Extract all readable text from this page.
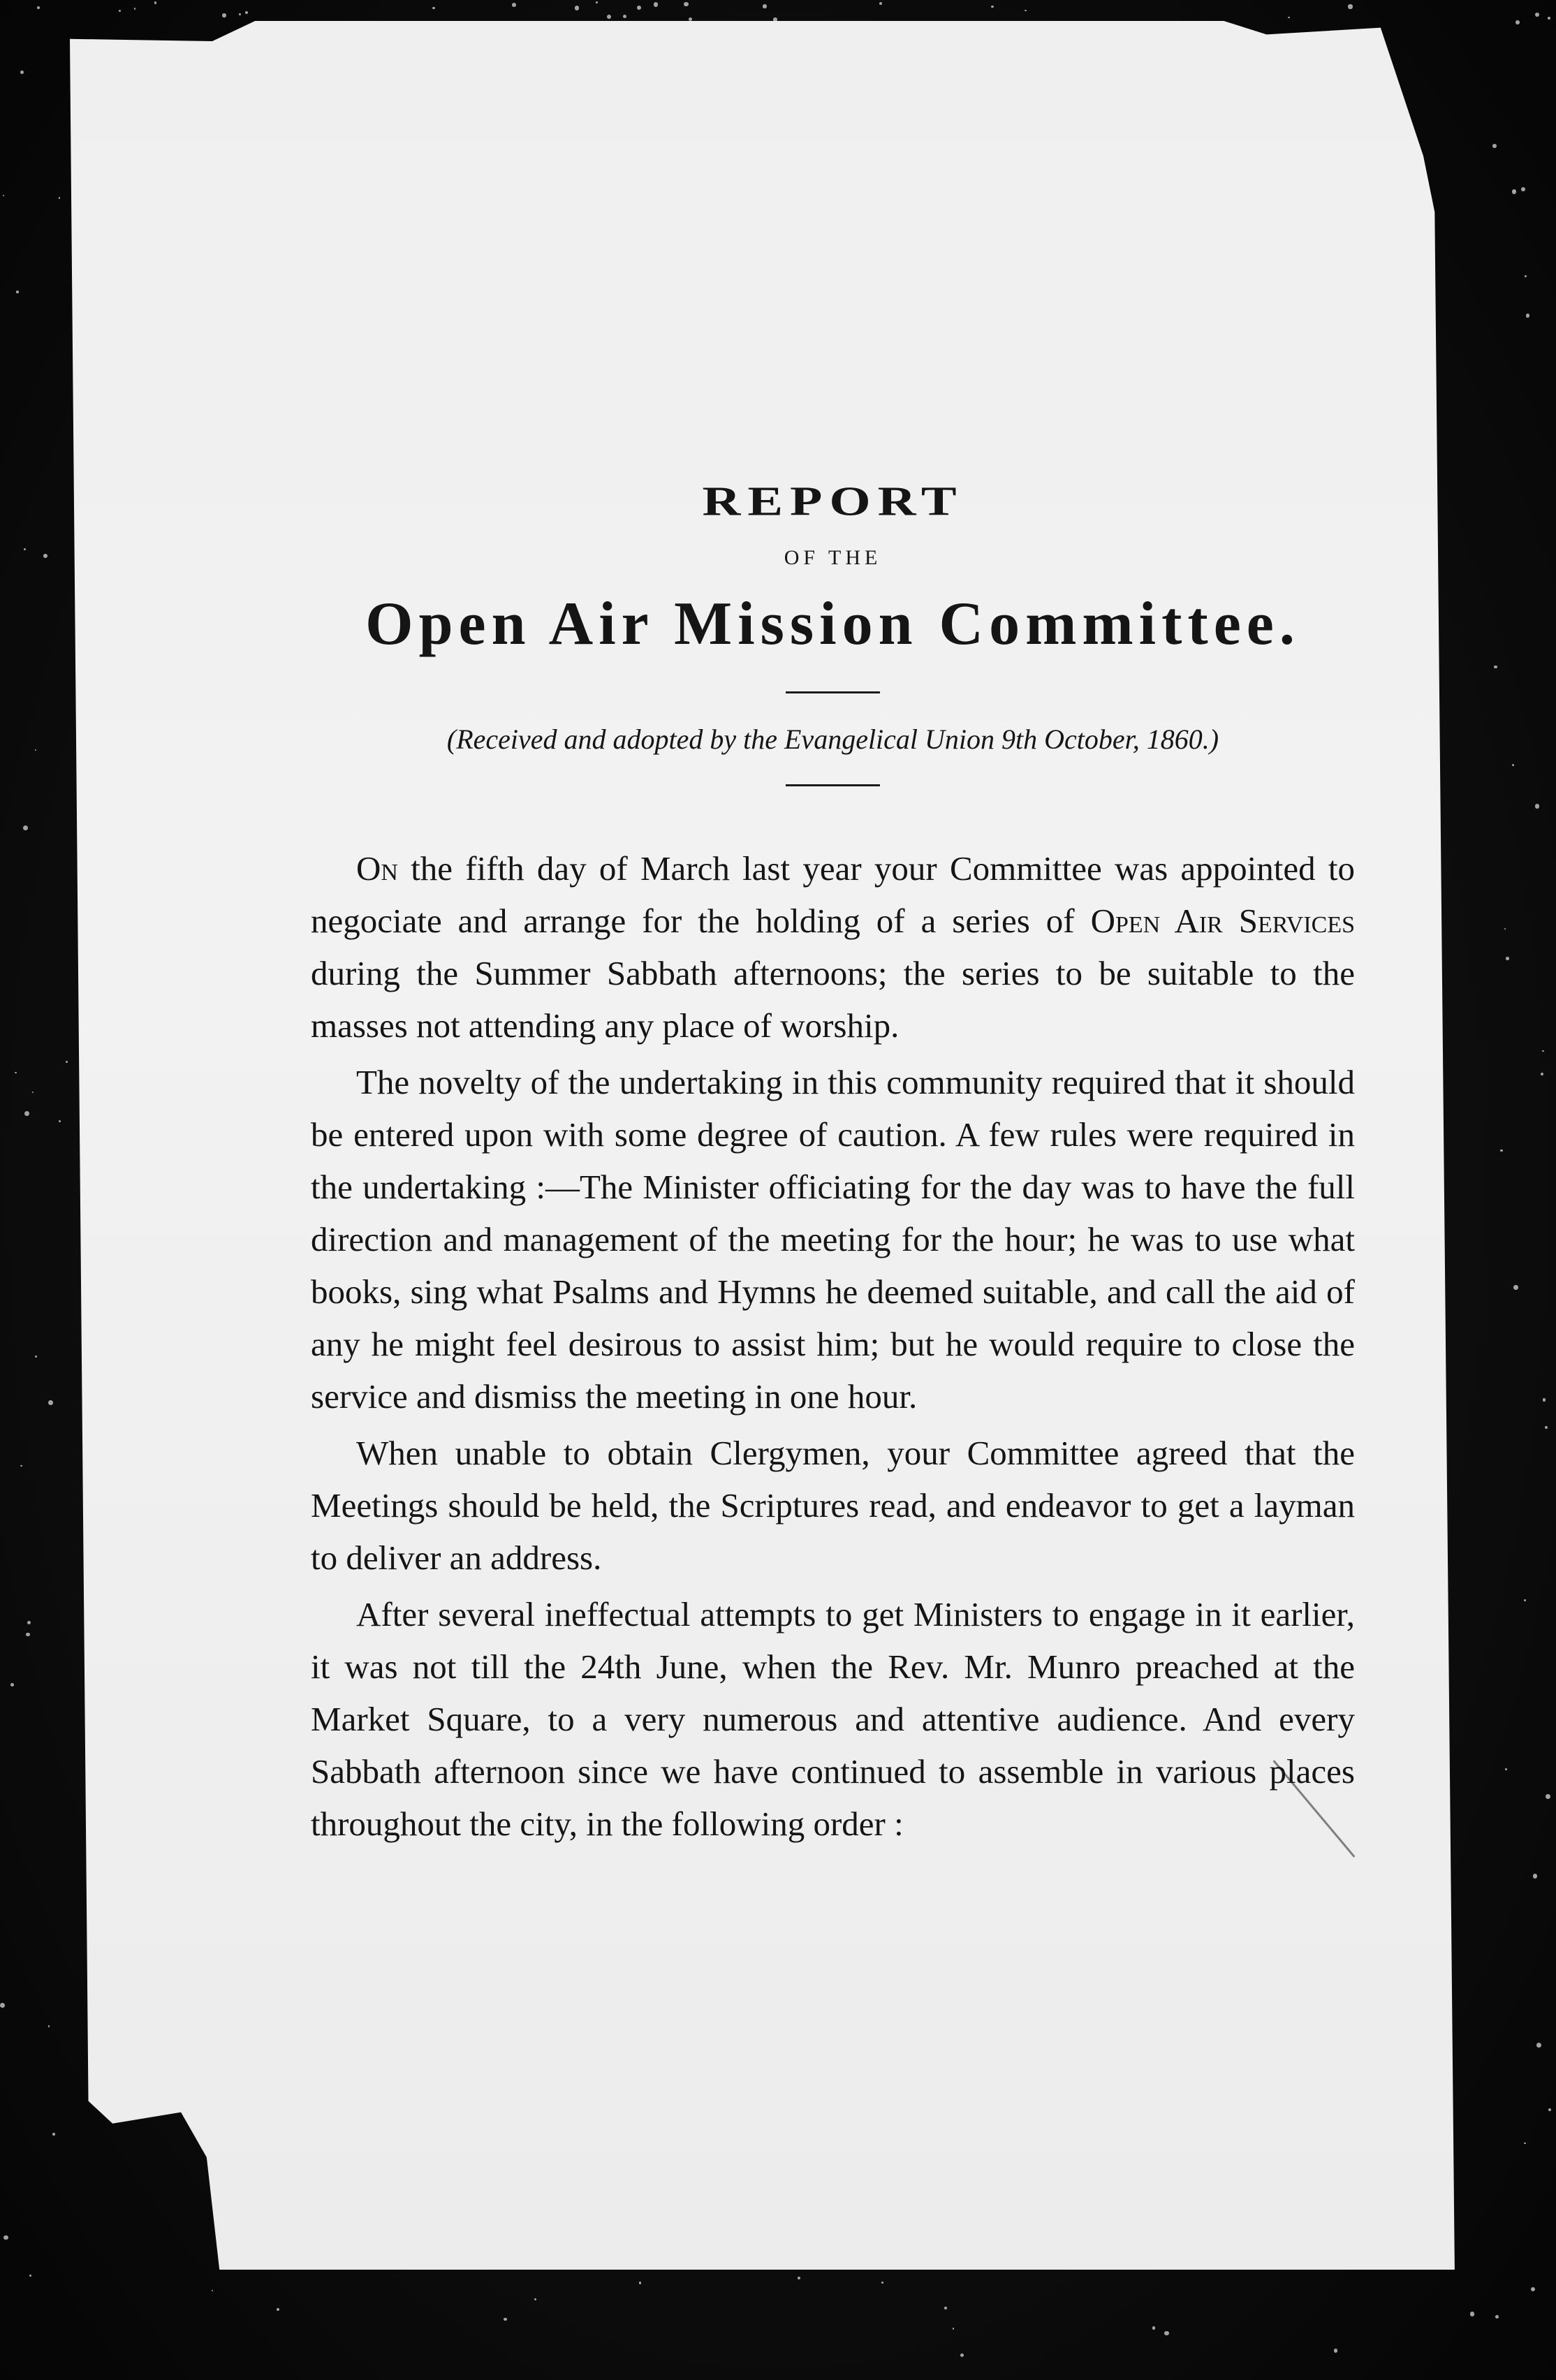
REPORT
OF THE
Open Air Mission Committee.
(Received and adopted by the Evangelical Union 9th October, 1860.)

On the fifth day of March last year your Committee was appointed to negociate and arrange for the holding of a series of Open Air Services during the Summer Sabbath afternoons; the series to be suitable to the masses not attending any place of worship.

The novelty of the undertaking in this community required that it should be entered upon with some degree of caution. A few rules were required in the undertaking :—The Minister officiating for the day was to have the full direction and management of the meeting for the hour; he was to use what books, sing what Psalms and Hymns he deemed suitable, and call the aid of any he might feel desirous to assist him; but he would require to close the service and dismiss the meeting in one hour.

When unable to obtain Clergymen, your Committee agreed that the Meetings should be held, the Scriptures read, and endeavor to get a layman to deliver an address.

After several ineffectual attempts to get Ministers to engage in it earlier, it was not till the 24th June, when the Rev. Mr. Munro preached at the Market Square, to a very numerous and attentive audience. And every Sabbath afternoon since we have continued to assemble in various places throughout the city, in the following order :
